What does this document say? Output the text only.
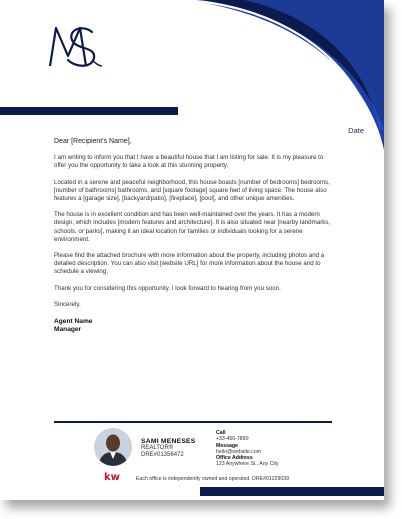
Date
Dear [Recipient's Name],

I am writing to inform you that I have a beautiful house that I am listing for sale. It is my pleasure to offer you the opportunity to take a look at this stunning property.

Located in a serene and peaceful neighborhood, this house boasts [number of bedrooms] bedrooms, [number of bathrooms] bathrooms, and [square footage] square feet of living space. The house also features a [garage size], [backyard/patio], [fireplace], [pool], and other unique amenities.

The house is in excellent condition and has been well-maintained over the years. It has a modern design, which includes [modern features and architecture]. It is also situated near [nearby landmarks, schools, or parks], making it an ideal location for families or individuals looking for a serene environment.

Please find the attached brochure with more information about the property, including photos and a detailed description. You can also visit [website URL] for more information about the house and to schedule a viewing.

Thank you for considering this opportunity. I look forward to hearing from you soon.

Sincerely,

Agent Name
Manager
SAMI MENESES
REALTOR®
DRE#01356472
Call
+33-456-7890
Message
hello@website.com
Office Address
123 Anywhere St., Any City
kw	Each office is independently owned and operated. DRE#01229039
